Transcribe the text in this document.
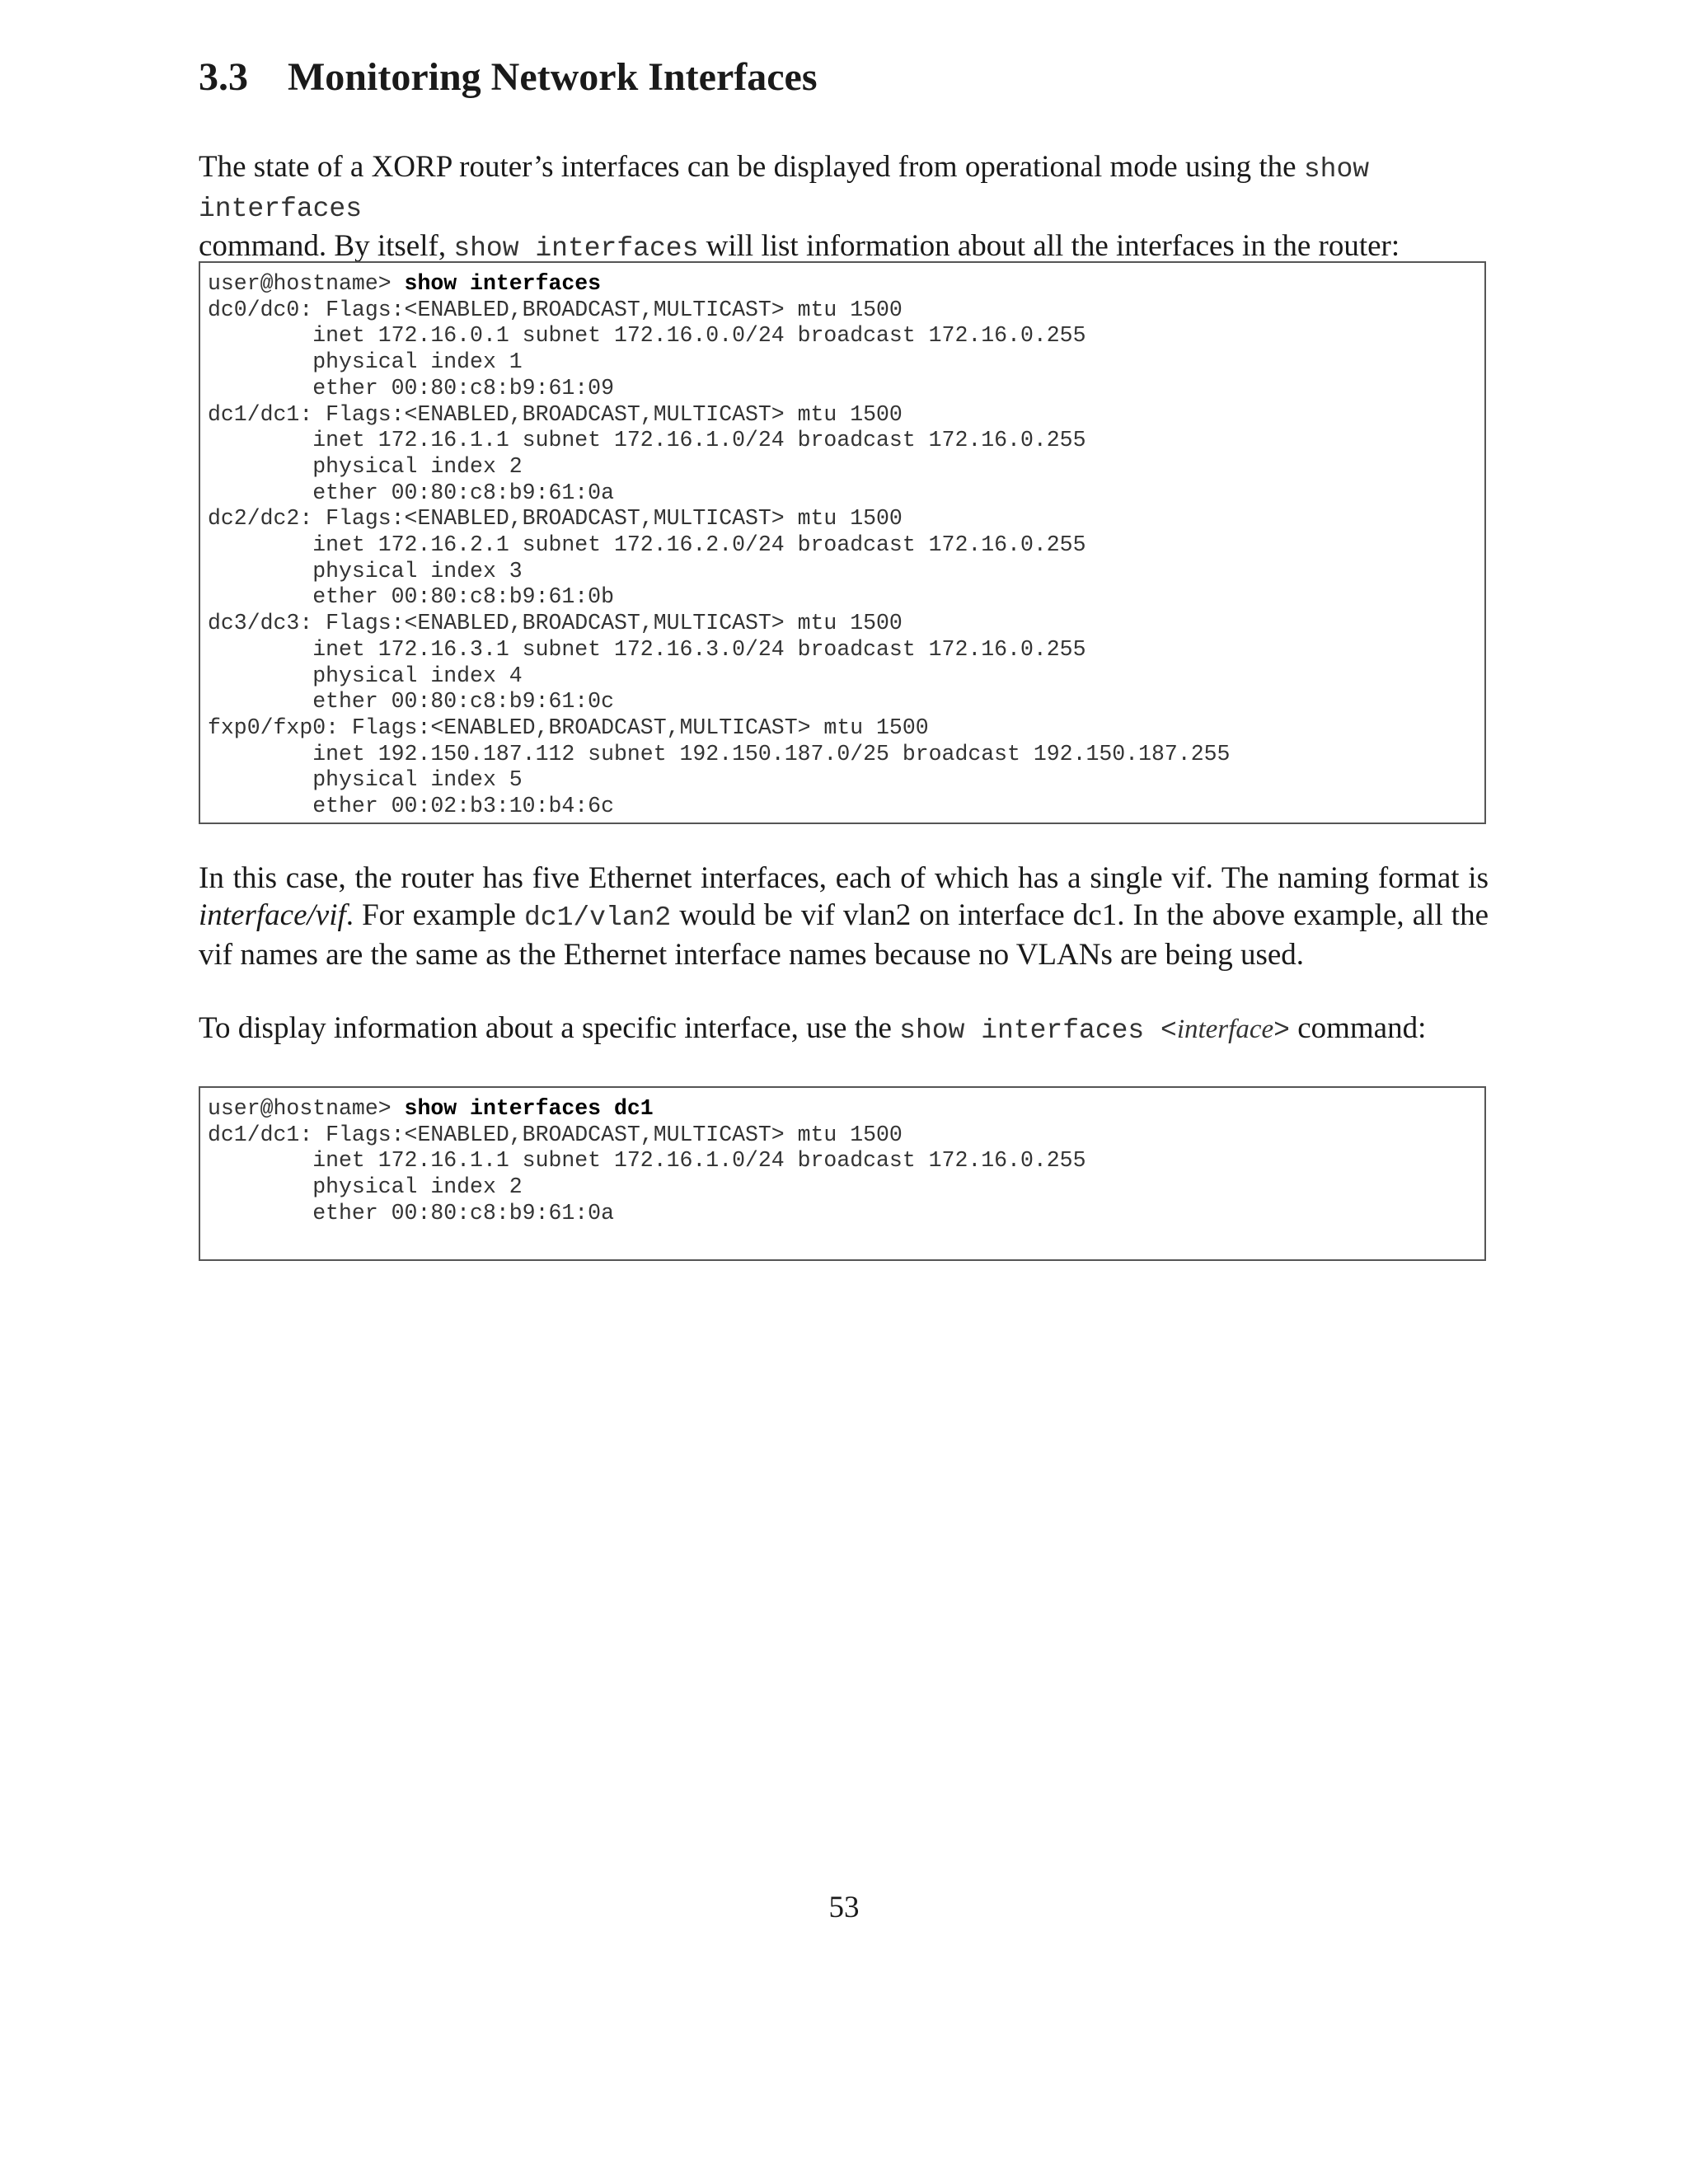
3.3 Monitoring Network Interfaces

The state of a XORP router’s interfaces can be displayed from operational mode using the show interfaces
command. By itself, show interfaces will list information about all the interfaces in the router:

user@hostname> show interfaces
dc0/dc0: Flags:<ENABLED,BROADCAST,MULTICAST> mtu 1500
inet 172.16.0.1 subnet 172.16.0.0/24 broadcast 172.16.0.255
physical index 1
ether 00:80:c8:b9:61:09
dc1/dc1: Flags:<ENABLED,BROADCAST,MULTICAST> mtu 1500
inet 172.16.1.1 subnet 172.16.1.0/24 broadcast 172.16.0.255
physical index 2
ether 00:80:c8:b9:61:0a
dc2/dc2: Flags:<ENABLED,BROADCAST,MULTICAST> mtu 1500
inet 172.16.2.1 subnet 172.16.2.0/24 broadcast 172.16.0.255
physical index 3
ether 00:80:c8:b9:61:0b
dc3/dc3: Flags:<ENABLED,BROADCAST,MULTICAST> mtu 1500
inet 172.16.3.1 subnet 172.16.3.0/24 broadcast 172.16.0.255
physical index 4
ether 00:80:c8:b9:61:0c
fxp0/fxp0: Flags:<ENABLED,BROADCAST,MULTICAST> mtu 1500
inet 192.150.187.112 subnet 192.150.187.0/25 broadcast 192.150.187.255
physical index 5
ether 00:02:b3:10:b4:6c

In this case, the router has five Ethernet interfaces, each of which has a single vif. The naming format is interface/vif. For example dc1/vlan2 would be vif vlan2 on interface dc1. In the above example, all the vif names are the same as the Ethernet interface names because no VLANs are being used.

To display information about a specific interface, use the show interfaces <interface> command:

user@hostname> show interfaces dc1
dc1/dc1: Flags:<ENABLED,BROADCAST,MULTICAST> mtu 1500
inet 172.16.1.1 subnet 172.16.1.0/24 broadcast 172.16.0.255
physical index 2
ether 00:80:c8:b9:61:0a

53
